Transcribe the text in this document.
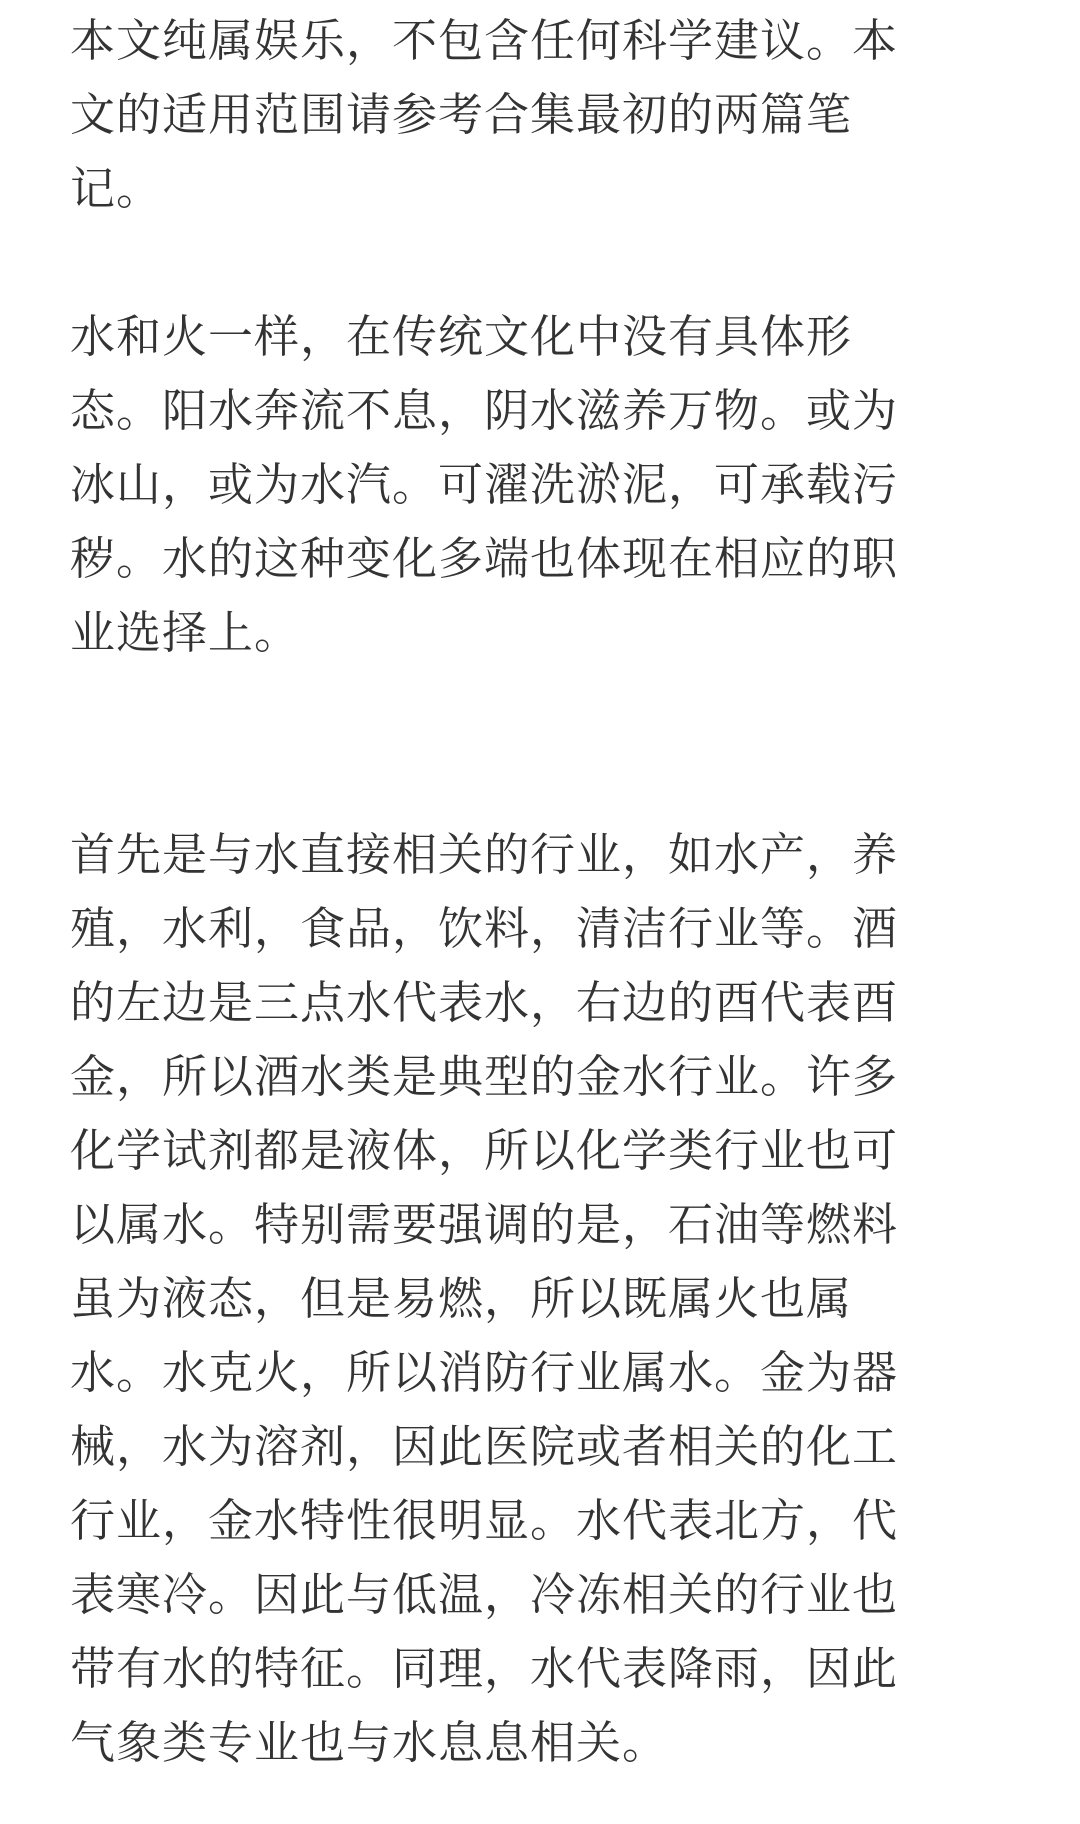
本文纯属娱乐，不包含任何科学建议。本
文的适用范围请参考合集最初的两篇笔
记。
水和火一样，在传统文化中没有具体形
态。阳水奔流不息，阴水滋养万物。或为
冰山，或为水汽。可濯洗淤泥，可承载污
秽。水的这种变化多端也体现在相应的职
业选择上。
首先是与水直接相关的行业，如水产，养
殖，水利，食品，饮料，清洁行业等。酒
的左边是三点水代表水，右边的酉代表酉
金，所以酒水类是典型的金水行业。许多
化学试剂都是液体，所以化学类行业也可
以属水。特别需要强调的是，石油等燃料
虽为液态，但是易燃，所以既属火也属
水。水克火，所以消防行业属水。金为器
械，水为溶剂，因此医院或者相关的化工
行业，金水特性很明显。水代表北方，代
表寒冷。因此与低温，冷冻相关的行业也
带有水的特征。同理，水代表降雨，因此
气象类专业也与水息息相关。
